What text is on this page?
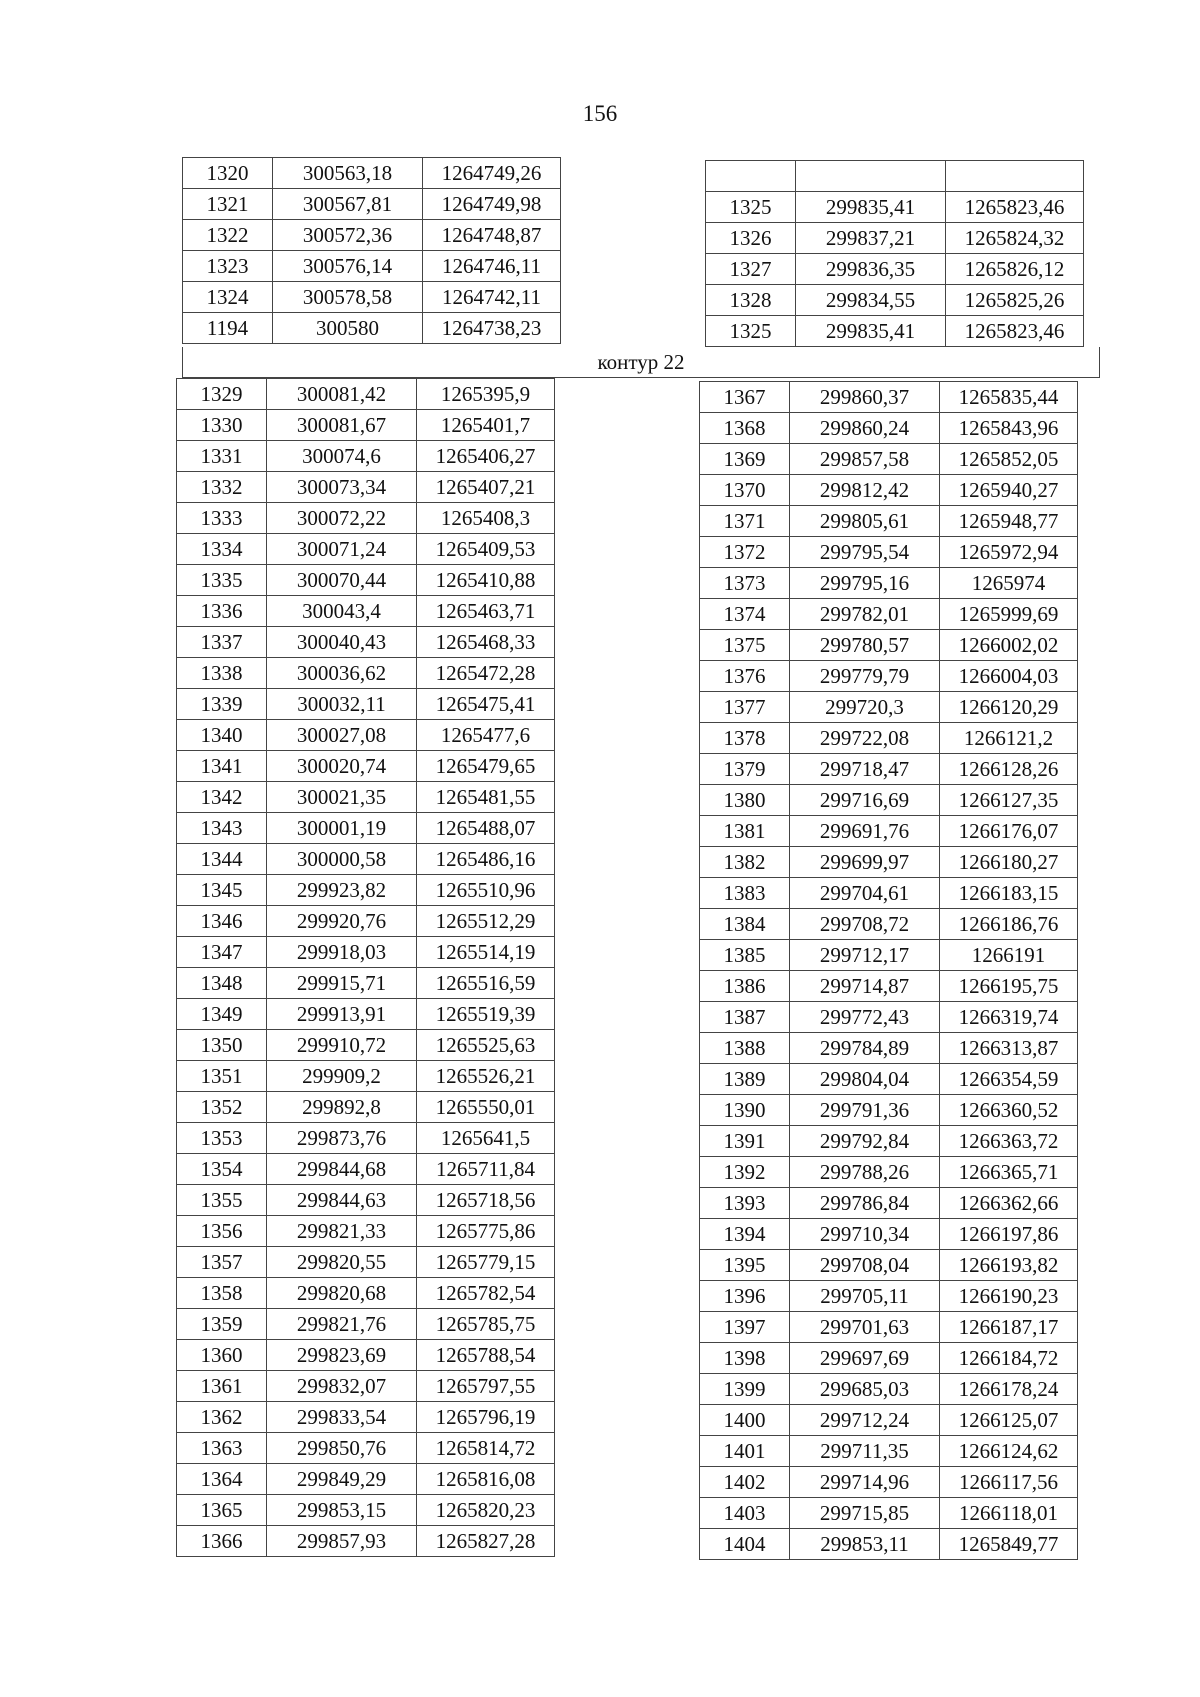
156
1320	300563,18	1264749,26
1321	300567,81	1264749,98
1322	300572,36	1264748,87
1323	300576,14	1264746,11
1324	300578,58	1264742,11
1194	300580	1264738,23

1325	299835,41	1265823,46
1326	299837,21	1265824,32
1327	299836,35	1265826,12
1328	299834,55	1265825,26
1325	299835,41	1265823,46
контур 22
1329	300081,42	1265395,9
1330	300081,67	1265401,7
1331	300074,6	1265406,27
1332	300073,34	1265407,21
1333	300072,22	1265408,3
1334	300071,24	1265409,53
1335	300070,44	1265410,88
1336	300043,4	1265463,71
1337	300040,43	1265468,33
1338	300036,62	1265472,28
1339	300032,11	1265475,41
1340	300027,08	1265477,6
1341	300020,74	1265479,65
1342	300021,35	1265481,55
1343	300001,19	1265488,07
1344	300000,58	1265486,16
1345	299923,82	1265510,96
1346	299920,76	1265512,29
1347	299918,03	1265514,19
1348	299915,71	1265516,59
1349	299913,91	1265519,39
1350	299910,72	1265525,63
1351	299909,2	1265526,21
1352	299892,8	1265550,01
1353	299873,76	1265641,5
1354	299844,68	1265711,84
1355	299844,63	1265718,56
1356	299821,33	1265775,86
1357	299820,55	1265779,15
1358	299820,68	1265782,54
1359	299821,76	1265785,75
1360	299823,69	1265788,54
1361	299832,07	1265797,55
1362	299833,54	1265796,19
1363	299850,76	1265814,72
1364	299849,29	1265816,08
1365	299853,15	1265820,23
1366	299857,93	1265827,28
1367	299860,37	1265835,44
1368	299860,24	1265843,96
1369	299857,58	1265852,05
1370	299812,42	1265940,27
1371	299805,61	1265948,77
1372	299795,54	1265972,94
1373	299795,16	1265974
1374	299782,01	1265999,69
1375	299780,57	1266002,02
1376	299779,79	1266004,03
1377	299720,3	1266120,29
1378	299722,08	1266121,2
1379	299718,47	1266128,26
1380	299716,69	1266127,35
1381	299691,76	1266176,07
1382	299699,97	1266180,27
1383	299704,61	1266183,15
1384	299708,72	1266186,76
1385	299712,17	1266191
1386	299714,87	1266195,75
1387	299772,43	1266319,74
1388	299784,89	1266313,87
1389	299804,04	1266354,59
1390	299791,36	1266360,52
1391	299792,84	1266363,72
1392	299788,26	1266365,71
1393	299786,84	1266362,66
1394	299710,34	1266197,86
1395	299708,04	1266193,82
1396	299705,11	1266190,23
1397	299701,63	1266187,17
1398	299697,69	1266184,72
1399	299685,03	1266178,24
1400	299712,24	1266125,07
1401	299711,35	1266124,62
1402	299714,96	1266117,56
1403	299715,85	1266118,01
1404	299853,11	1265849,77
